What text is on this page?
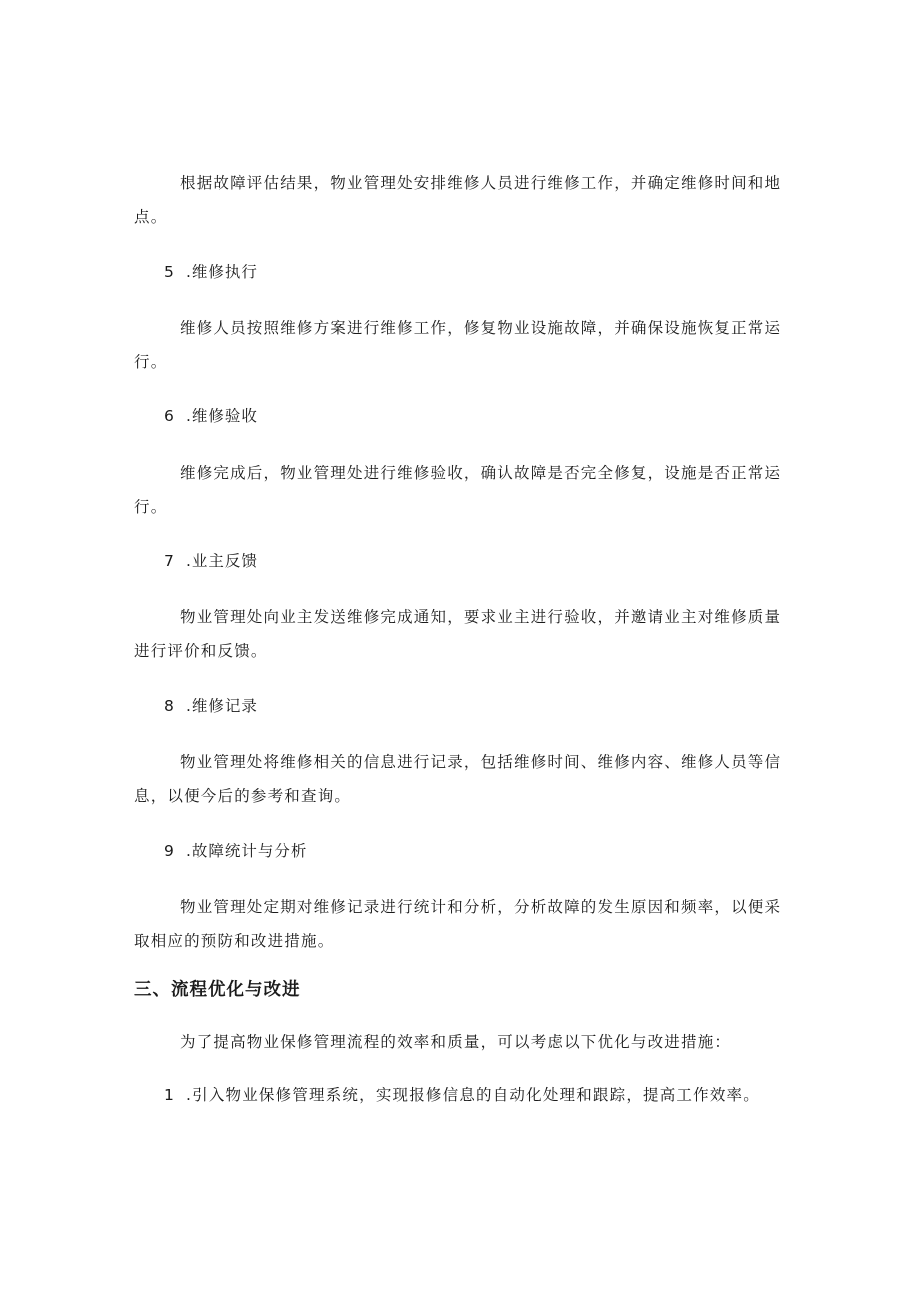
根据故障评估结果，物业管理处安排维修人员进行维修工作，并确定维修时间和地点。

5 .维修执行

维修人员按照维修方案进行维修工作，修复物业设施故障，并确保设施恢复正常运行。

6 .维修验收

维修完成后，物业管理处进行维修验收，确认故障是否完全修复，设施是否正常运行。

7 .业主反馈

物业管理处向业主发送维修完成通知，要求业主进行验收，并邀请业主对维修质量进行评价和反馈。

8 .维修记录

物业管理处将维修相关的信息进行记录，包括维修时间、维修内容、维修人员等信息，以便今后的参考和查询。

9 .故障统计与分析

物业管理处定期对维修记录进行统计和分析，分析故障的发生原因和频率，以便采取相应的预防和改进措施。

三、流程优化与改进

为了提高物业保修管理流程的效率和质量，可以考虑以下优化与改进措施：

1 .引入物业保修管理系统，实现报修信息的自动化处理和跟踪，提高工作效率。
